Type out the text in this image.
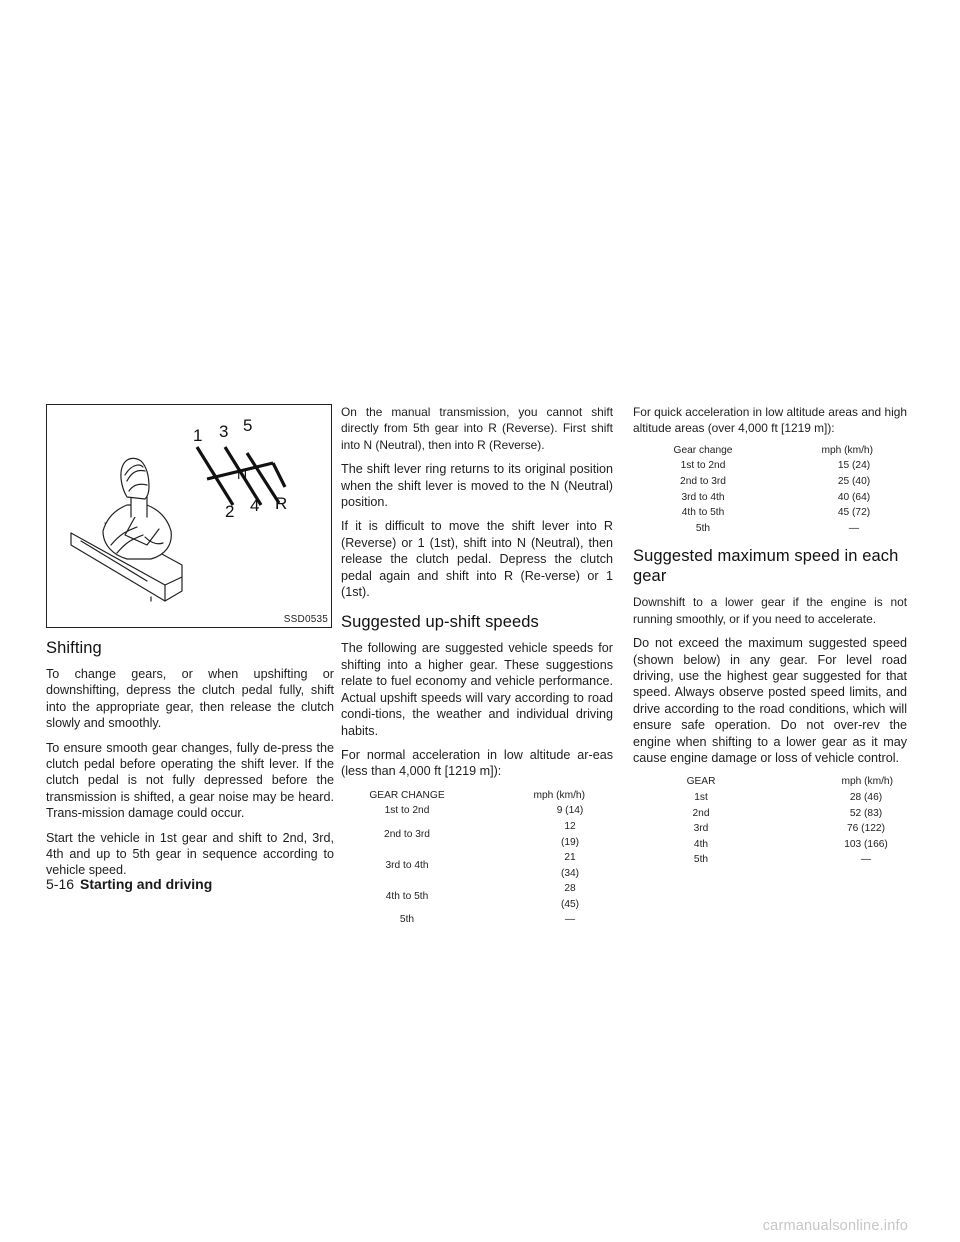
1 3 5
N
2 4 R
SSD0535
Shifting

To change gears, or when upshifting or downshifting, depress the clutch pedal fully, shift into the appropriate gear, then release the clutch slowly and smoothly.

To ensure smooth gear changes, fully de-press the clutch pedal before operating the shift lever. If the clutch pedal is not fully depressed before the transmission is shifted, a gear noise may be heard. Trans-mission damage could occur.

Start the vehicle in 1st gear and shift to 2nd, 3rd, 4th and up to 5th gear in sequence according to vehicle speed.

On the manual transmission, you cannot shift directly from 5th gear into R (Reverse). First shift into N (Neutral), then into R (Reverse).

The shift lever ring returns to its original position when the shift lever is moved to the N (Neutral) position.

If it is difficult to move the shift lever into R (Reverse) or 1 (1st), shift into N (Neutral), then release the clutch pedal. Depress the clutch pedal again and shift into R (Re-verse) or 1 (1st).

Suggested up-shift speeds

The following are suggested vehicle speeds for shifting into a higher gear. These suggestions relate to fuel economy and vehicle performance. Actual upshift speeds will vary according to road condi-tions, the weather and individual driving habits.

For normal acceleration in low altitude ar-eas (less than 4,000 ft [1219 m]):

GEAR CHANGE	mph (km/h)
1st to 2nd	9 (14)
2nd to 3rd	12 (19)
3rd to 4th	21 (34)
4th to 5th	28 (45)
5th	—

For quick acceleration in low altitude areas and high altitude areas (over 4,000 ft [1219 m]):

Gear change	mph (km/h)
1st to 2nd	15 (24)
2nd to 3rd	25 (40)
3rd to 4th	40 (64)
4th to 5th	45 (72)
5th	—
Suggested maximum speed in each gear

Downshift to a lower gear if the engine is not running smoothly, or if you need to accelerate.

Do not exceed the maximum suggested speed (shown below) in any gear. For level road driving, use the highest gear suggested for that speed. Always observe posted speed limits, and drive according to the road conditions, which will ensure safe operation. Do not over-rev the engine when shifting to a lower gear as it may cause engine damage or loss of vehicle control.

GEAR	mph (km/h)
1st	28 (46)
2nd	52 (83)
3rd	76 (122)
4th	103 (166)
5th	—
5-16 Starting and driving
carmanualsonline.info
